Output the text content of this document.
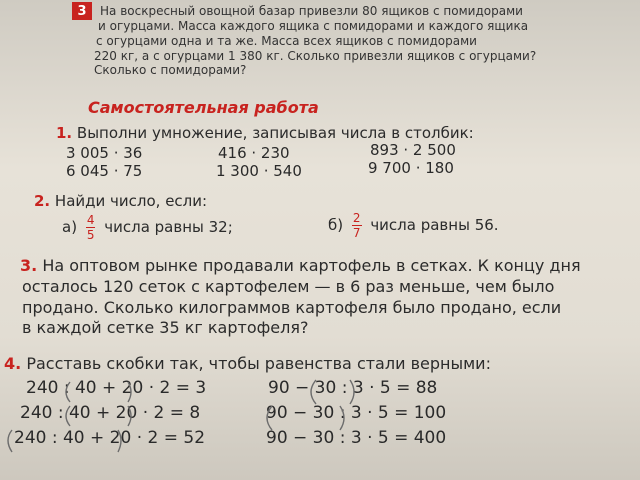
3	На воскресный овощной базар привезли 80 ящиков с помидорами
и огурцами. Масса каждого ящика с помидорами и каждого ящика
с огурцами одна и та же. Масса всех ящиков с помидорами
220 кг, а с огурцами 1 380 кг. Сколько привезли ящиков с огурцами?
Сколько с помидорами?
Самостоятельная работа
1. Выполни умножение, записывая числа в столбик:
3 005 · 36	416 · 230	893 · 2 500
6 045 · 75	1 300 · 540	9 700 · 180
2. Найди число, если:
$а) \frac{4}{5}$ числа равны 32;	$б) \frac{2}{7}$ числа равны 56.
3. На оптовом рынке продавали картофель в сетках. К концу дня
осталось 120 сеток с картофелем — в 6 раз меньше, чем было
продано. Сколько килограммов картофеля было продано, если
в каждой сетке 35 кг картофеля?
4. Расставь скобки так, чтобы равенства стали верными:
240 : 40 + 20 · 2 = 3	90 − 30 : 3 · 5 = 88
240 : 40 + 20 · 2 = 8	90 − 30 : 3 · 5 = 100
240 : 40 + 20 · 2 = 52	90 − 30 : 3 · 5 = 400
